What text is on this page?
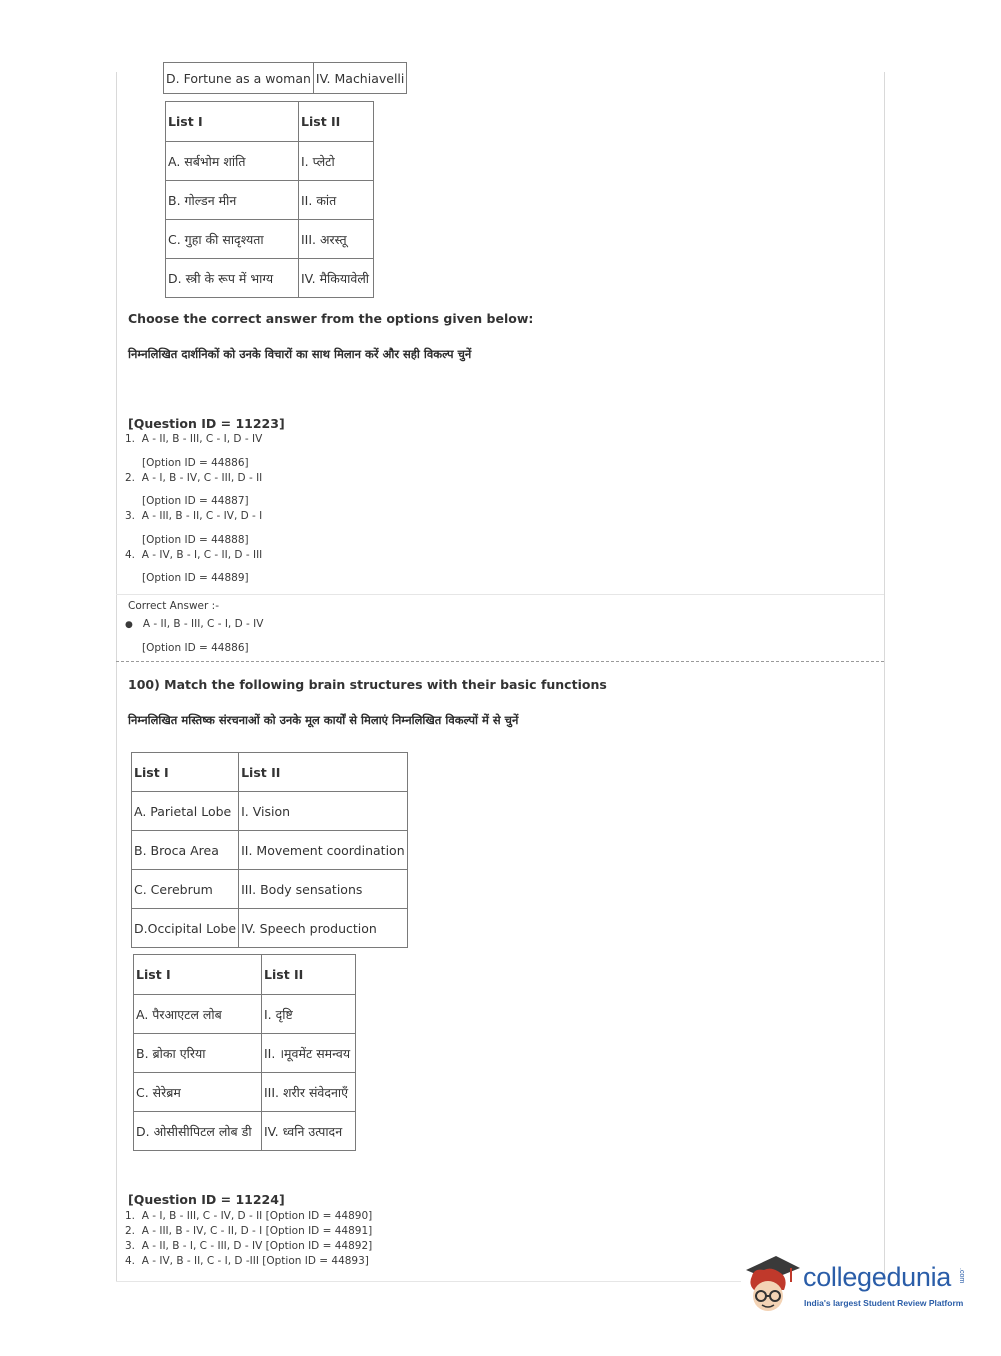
D. Fortune as a woman	IV. Machiavelli
List I	List II
A. सर्बभोम शांति	I. प्लेटो
B. गोल्डन मीन	II. कांत
C. गुहा की सादृश्यता	III. अरस्तू
D. स्त्री के रूप में भाग्य	IV. मैकियावेली
Choose the correct answer from the options given below:
निम्नलिखित दार्शनिकों को उनके विचारों का साथ मिलान करें और सही विकल्प चुनें
[Question ID = 11223]
1. A - II, B - III, C - I, D - IV
[Option ID = 44886]
2. A - I, B - IV, C - III, D - II
[Option ID = 44887]
3. A - III, B - II, C - IV, D - I
[Option ID = 44888]
4. A - IV, B - I, C - II, D - III
[Option ID = 44889]
Correct Answer :-
● A - II, B - III, C - I, D - IV
[Option ID = 44886]
100) Match the following brain structures with their basic functions
निम्नलिखित मस्तिष्क संरचनाओं को उनके मूल कार्यों से मिलाएं निम्नलिखित विकल्पों में से चुनें
List I	List II
A. Parietal Lobe	I. Vision
B. Broca Area	II. Movement coordination
C. Cerebrum	III. Body sensations
D.Occipital Lobe	IV. Speech production
List I	List II
A. पैरआएटल लोब	I. दृष्टि
B. ब्रोका एरिया	II. ।मूवमेंट समन्वय
C. सेरेब्रम	III. शरीर संवेदनाएँ
D. ओसीसीपिटल लोब डी	IV. ध्वनि उत्पादन
[Question ID = 11224]
1. A - I, B - III, C - IV, D - II [Option ID = 44890]
2. A - III, B - IV, C - II, D - I [Option ID = 44891]
3. A - II, B - I, C - III, D - IV [Option ID = 44892]
4. A - IV, B - II, C - I, D -III [Option ID = 44893]
collegedunia .com
India's largest Student Review Platform
